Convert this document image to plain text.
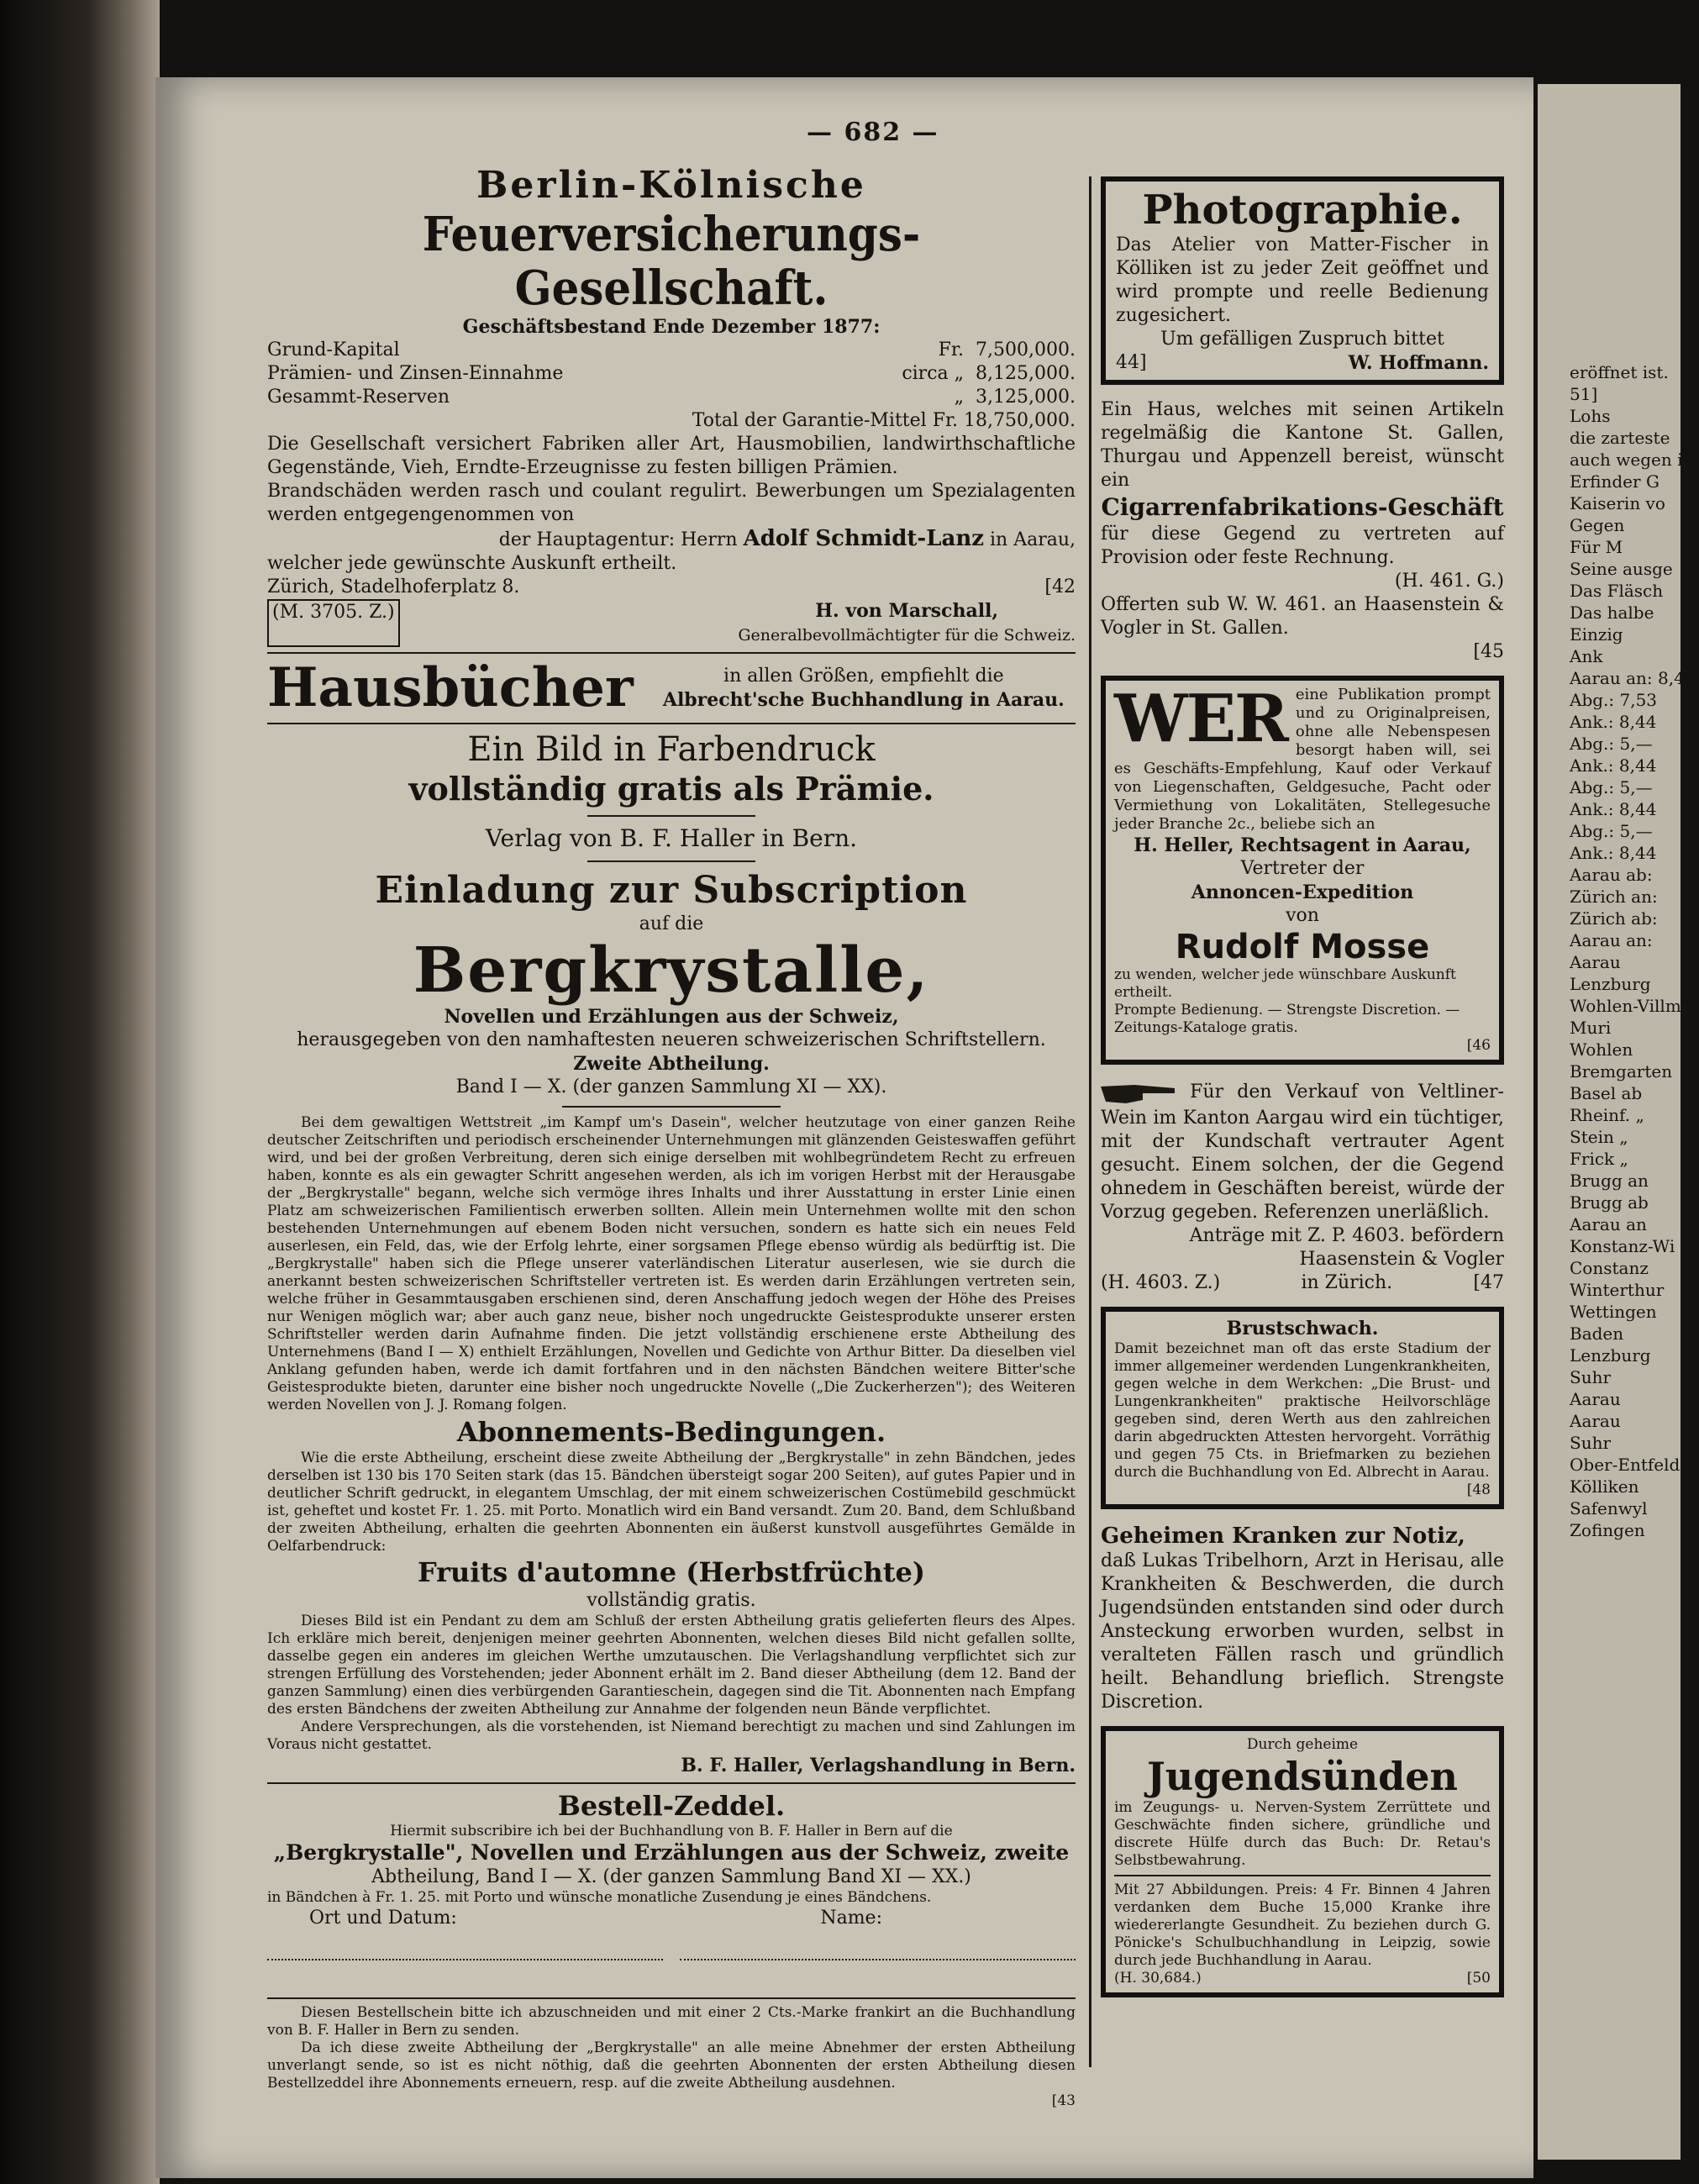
— 682 —
Berlin-Kölnische
Feuerversicherungs-Gesellschaft.
Geschäftsbestand Ende Dezember 1877:
Grund-Kapital	Fr. 7,500,000.
Prämien- und Zinsen-Einnahme	circa „ 8,125,000.
Gesammt-Reserven	„ 3,125,000.
Total der Garantie-Mittel Fr. 18,750,000.
Die Gesellschaft versichert Fabriken aller Art, Hausmobilien, landwirthschaftliche Gegenstände, Vieh, Erndte-Erzeugnisse zu festen billigen Prämien.
Brandschäden werden rasch und coulant regulirt. Bewerbungen um Spezialagenten werden entgegengenommen von
der Hauptagentur: Herrn Adolf Schmidt-Lanz in Aarau,
welcher jede gewünschte Auskunft ertheilt.
Zürich, Stadelhoferplatz 8.	[42
(M. 3705. Z.)	H. von Marschall,
Generalbevollmächtigter für die Schweiz.
Hausbücher	in allen Größen, empfiehlt die
Albrecht'sche Buchhandlung in Aarau.
Ein Bild in Farbendruck
vollständig gratis als Prämie.
Verlag von B. F. Haller in Bern.
Einladung zur Subscription
auf die
Bergkrystalle,
Novellen und Erzählungen aus der Schweiz,
herausgegeben von den namhaftesten neueren schweizerischen Schriftstellern.
Zweite Abtheilung.
Band I — X. (der ganzen Sammlung XI — XX).
Bei dem gewaltigen Wettstreit „im Kampf um's Dasein", welcher heutzutage von einer ganzen Reihe deutscher Zeitschriften und periodisch erscheinender Unternehmungen mit glänzenden Geisteswaffen geführt wird, und bei der großen Verbreitung, deren sich einige derselben mit wohlbegründetem Recht zu erfreuen haben, konnte es als ein gewagter Schritt angesehen werden, als ich im vorigen Herbst mit der Herausgabe der „Bergkrystalle" begann, welche sich vermöge ihres Inhalts und ihrer Ausstattung in erster Linie einen Platz am schweizerischen Familientisch erwerben sollten. Allein mein Unternehmen wollte mit den schon bestehenden Unternehmungen auf ebenem Boden nicht versuchen, sondern es hatte sich ein neues Feld auserlesen, ein Feld, das, wie der Erfolg lehrte, einer sorgsamen Pflege ebenso würdig als bedürftig ist. Die „Bergkrystalle" haben sich die Pflege unserer vaterländischen Literatur auserlesen, wie sie durch die anerkannt besten schweizerischen Schriftsteller vertreten ist. Es werden darin Erzählungen vertreten sein, welche früher in Gesammtausgaben erschienen sind, deren Anschaffung jedoch wegen der Höhe des Preises nur Wenigen möglich war; aber auch ganz neue, bisher noch ungedruckte Geistesprodukte unserer ersten Schriftsteller werden darin Aufnahme finden. Die jetzt vollständig erschienene erste Abtheilung des Unternehmens (Band I — X) enthielt Erzählungen, Novellen und Gedichte von Arthur Bitter. Da dieselben viel Anklang gefunden haben, werde ich damit fortfahren und in den nächsten Bändchen weitere Bitter'sche Geistesprodukte bieten, darunter eine bisher noch ungedruckte Novelle („Die Zuckerherzen"); des Weiteren werden Novellen von J. J. Romang folgen.
Abonnements-Bedingungen.
Wie die erste Abtheilung, erscheint diese zweite Abtheilung der „Bergkrystalle" in zehn Bändchen, jedes derselben ist 130 bis 170 Seiten stark (das 15. Bändchen übersteigt sogar 200 Seiten), auf gutes Papier und in deutlicher Schrift gedruckt, in elegantem Umschlag, der mit einem schweizerischen Costümebild geschmückt ist, geheftet und kostet Fr. 1. 25. mit Porto. Monatlich wird ein Band versandt. Zum 20. Band, dem Schlußband der zweiten Abtheilung, erhalten die geehrten Abonnenten ein äußerst kunstvoll ausgeführtes Gemälde in Oelfarbendruck:
Fruits d'automne (Herbstfrüchte)
vollständig gratis.
Dieses Bild ist ein Pendant zu dem am Schluß der ersten Abtheilung gratis gelieferten fleurs des Alpes. Ich erkläre mich bereit, denjenigen meiner geehrten Abonnenten, welchen dieses Bild nicht gefallen sollte, dasselbe gegen ein anderes im gleichen Werthe umzutauschen. Die Verlagshandlung verpflichtet sich zur strengen Erfüllung des Vorstehenden; jeder Abonnent erhält im 2. Band dieser Abtheilung (dem 12. Band der ganzen Sammlung) einen dies verbürgenden Garantieschein, dagegen sind die Tit. Abonnenten nach Empfang des ersten Bändchens der zweiten Abtheilung zur Annahme der folgenden neun Bände verpflichtet.
Andere Versprechungen, als die vorstehenden, ist Niemand berechtigt zu machen und sind Zahlungen im Voraus nicht gestattet.
B. F. Haller, Verlagshandlung in Bern.
Bestell-Zeddel.
Hiermit subscribire ich bei der Buchhandlung von B. F. Haller in Bern auf die
„Bergkrystalle", Novellen und Erzählungen aus der Schweiz, zweite
Abtheilung, Band I — X. (der ganzen Sammlung Band XI — XX.)
in Bändchen à Fr. 1. 25. mit Porto und wünsche monatliche Zusendung je eines Bändchens.
Ort und Datum:	Name:
Diesen Bestellschein bitte ich abzuschneiden und mit einer 2 Cts.-Marke frankirt an die Buchhandlung von B. F. Haller in Bern zu senden.
Da ich diese zweite Abtheilung der „Bergkrystalle" an alle meine Abnehmer der ersten Abtheilung unverlangt sende, so ist es nicht nöthig, daß die geehrten Abonnenten der ersten Abtheilung diesen Bestellzeddel ihre Abonnements erneuern, resp. auf die zweite Abtheilung ausdehnen.
[43
Photographie.
Das Atelier von Matter-Fischer in Kölliken ist zu jeder Zeit geöffnet und wird prompte und reelle Bedienung zugesichert.
Um gefälligen Zuspruch bittet
44]	W. Hoffmann.
Ein Haus, welches mit seinen Artikeln regelmäßig die Kantone St. Gallen, Thurgau und Appenzell bereist, wünscht ein
Cigarrenfabrikations-Geschäft
für diese Gegend zu vertreten auf Provision oder feste Rechnung.
(H. 461. G.)
Offerten sub W. W. 461. an Haasenstein & Vogler in St. Gallen.
[45
WER eine Publikation prompt und zu Originalpreisen, ohne alle Nebenspesen besorgt haben will, sei es Geschäfts-Empfehlung, Kauf oder Verkauf von Liegenschaften, Geldgesuche, Pacht oder Vermiethung von Lokalitäten, Stellegesuche jeder Branche 2c., beliebe sich an
H. Heller, Rechtsagent in Aarau,
Vertreter der
Annoncen-Expedition
von
Rudolf Mosse
zu wenden, welcher jede wünschbare Auskunft ertheilt.
Prompte Bedienung. — Strengste Discretion. — Zeitungs-Kataloge gratis.
[46
Für den Verkauf von Veltliner-Wein im Kanton Aargau wird ein tüchtiger, mit der Kundschaft vertrauter Agent gesucht. Einem solchen, der die Gegend ohnedem in Geschäften bereist, würde der Vorzug gegeben. Referenzen unerläßlich.
Anträge mit Z. P. 4603. befördern
Haasenstein & Vogler
(H. 4603. Z.)	in Zürich.	[47
Brustschwach.
Damit bezeichnet man oft das erste Stadium der immer allgemeiner werdenden Lungenkrankheiten, gegen welche in dem Werkchen: „Die Brust- und Lungenkrankheiten" praktische Heilvorschläge gegeben sind, deren Werth aus den zahlreichen darin abgedruckten Attesten hervorgeht. Vorräthig und gegen 75 Cts. in Briefmarken zu beziehen durch die Buchhandlung von Ed. Albrecht in Aarau.
[48
Geheimen Kranken zur Notiz,
daß Lukas Tribelhorn, Arzt in Herisau, alle Krankheiten & Beschwerden, die durch Jugendsünden entstanden sind oder durch Ansteckung erworben wurden, selbst in veralteten Fällen rasch und gründlich heilt. Behandlung brieflich. Strengste Discretion.
Durch geheime
Jugendsünden
im Zeugungs- u. Nerven-System Zerrüttete und Geschwächte finden sichere, gründliche und discrete Hülfe durch das Buch: Dr. Retau's Selbstbewahrung.
Mit 27 Abbildungen. Preis: 4 Fr. Binnen 4 Jahren verdanken dem Buche 15,000 Kranke ihre wiedererlangte Gesundheit. Zu beziehen durch G. Pönicke's Schulbuchhandlung in Leipzig, sowie durch jede Buchhandlung in Aarau.
(H. 30,684.)	[50
eröffnet ist.
51]
Lohs
die zarteste
auch wegen i
Erfinder G
Kaiserin vo
Gegen
Für M
Seine ausge
Das Fläsch
Das halbe
Einzig
Ank
Aarau an: 8,44
Abg.: 7,53
Ank.: 8,44
Abg.: 5,—
Ank.: 8,44
Abg.: 5,—
Ank.: 8,44
Abg.: 5,—
Ank.: 8,44
Aarau ab:
Zürich an:
Zürich ab:
Aarau an:
Aarau
Lenzburg
Wohlen-Villmer
Muri
Wohlen
Bremgarten
Basel ab
Rheinf. „
Stein „
Frick „
Brugg an
Brugg ab
Aarau an
Konstanz-Wi
Constanz
Winterthur
Wettingen
Baden
Lenzburg
Suhr
Aarau
Aarau
Suhr
Ober-Entfelde
Kölliken
Safenwyl
Zofingen
